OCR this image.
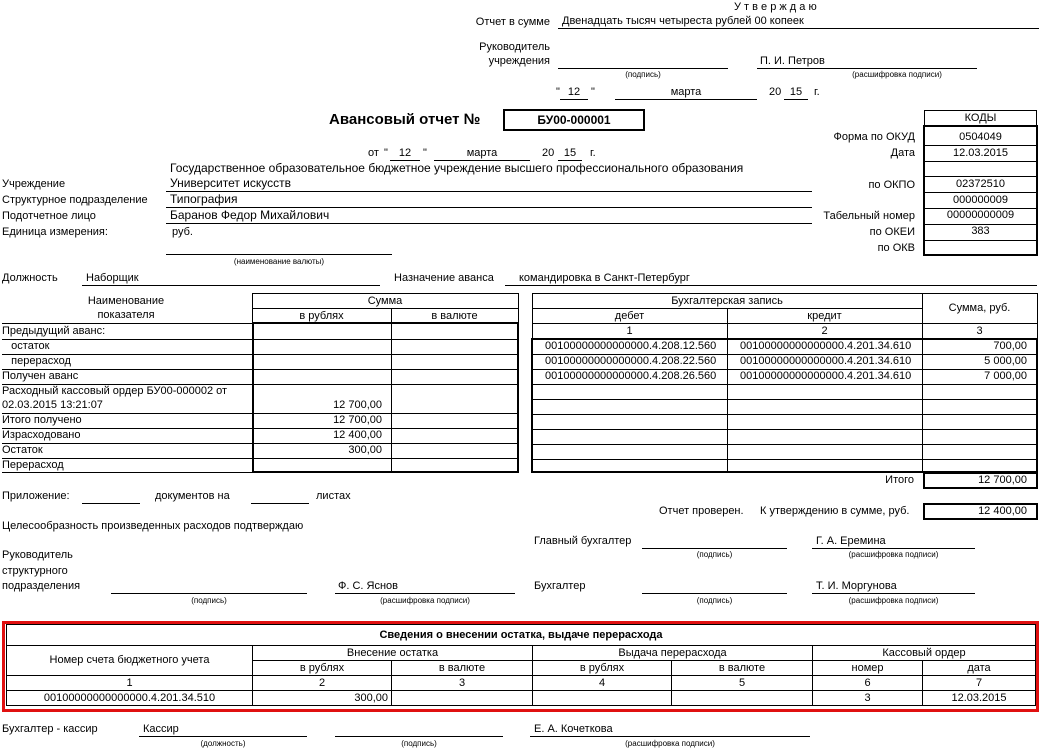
У т в е р ж д а ю
Отчет в сумме Двенадцать тысяч четыреста рублей 00 копеек
Руководитель
учреждения	П. И. Петров
(подпись)	(расшифровка подписи)
" 12 "	марта	20 15	г.
Авансовый отчет №	БУ00-000001
от " 12	"	марта	20 15	г.
КОДЫ
Форма по ОКУД	0504049
Дата	12.03.2015
по ОКПО	02372510
000000009
Табельный номер	00000000009
по ОКЕИ	383
по ОКВ
Государственное образовательное бюджетное учреждение высшего профессионального образования
Учреждение	Университет искусств
Структурное подразделение Типография
Подотчетное лицо	Баранов Федор Михайлович
Единица измерения:	руб.
(наименование валюты)
Должность	Наборщик	Назначение аванса командировка в Санкт-Петербург
Наименование
показателя
Сумма
в рублях	в валюте
Предыдущий аванс:
остаток
перерасход
Получен аванс
Расходный кассовый ордер БУ00-000002 от
02.03.2015 13:21:07	12 700,00
Итого получено	12 700,00
Израсходовано	12 400,00
Остаток	300,00
Перерасход
Бухгалтерская запись
дебет	кредит
Сумма, руб.
1	2	3
00100000000000000.4.208.12.560 00100000000000000.4.201.34.610	700,00
00100000000000000.4.208.22.560 00100000000000000.4.201.34.610	5 000,00
00100000000000000.4.208.26.560 00100000000000000.4.201.34.610	7 000,00
Итого	12 700,00
Приложение:	документов на	листах
Отчет проверен. К утверждению в сумме, руб.	12 400,00
Целесообразность произведенных расходов подтверждаю
Главный бухгалтер
(подпись)
Г. А. Еремина
(расшифровка подписи)
Руководитель
структурного
подразделения
(подпись)
Ф. С. Яснов
(расшифровка подписи)
Бухгалтер
(подпись)
Т. И. Моргунова
(расшифровка подписи)
Сведения о внесении остатка, выдаче перерасхода						
Номер счета бюджетного учета	Внесение остатка		Выдача перерасхода		Кассовый ордер	
	в рублях	в валюте	в рублях	в валюте	номер	дата
1	2	3	4	5	6	7
00100000000000000.4.201.34.510	300,00				3	12.03.2015
Бухгалтер - кассир	Кассир
(должность)	(подпись)
Е. А. Кочеткова
(расшифровка подписи)
